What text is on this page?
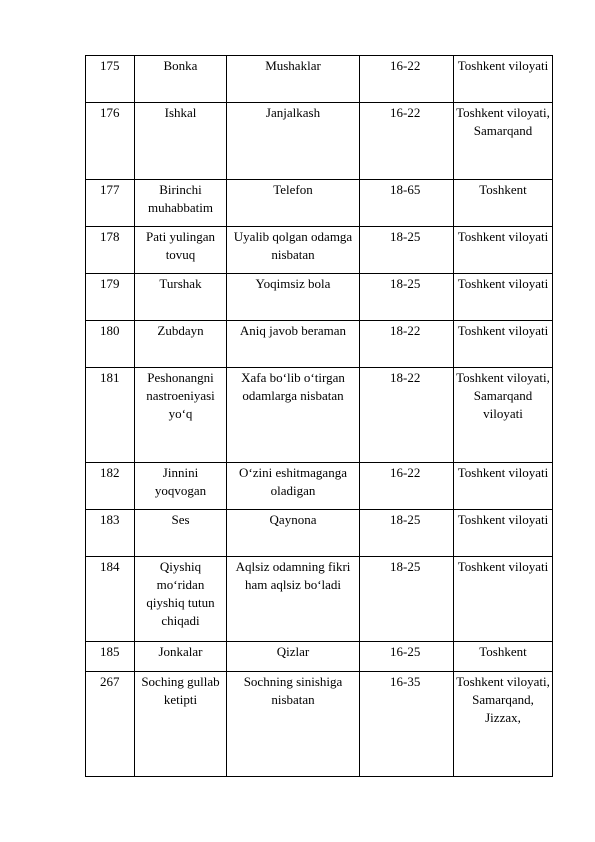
175	Bonka	Mushaklar	16-22	Toshkent viloyati

176	Ishkal	Janjalkash	16-22	Toshkent viloyati,
Samarqand

177	Birinchi muhabbatim	Telefon	18-65	Toshkent

178	Pati yulingan tovuq	Uyalib qolgan odamga nisbatan	18-25	Toshkent viloyati

179	Turshak	Yoqimsiz bola	18-25	Toshkent viloyati

180	Zubdayn	Aniq javob beraman	18-22	Toshkent viloyati

181	Peshonangni nastroeniyasi yo‘q	Xafa bo‘lib o‘tirgan odamlarga nisbatan	18-22	Toshkent viloyati,
Samarqand viloyati

182	Jinnini yoqvogan	O‘zini eshitmaganga oladigan	16-22	Toshkent viloyati

183	Ses	Qaynona	18-25	Toshkent viloyati

184	Qiyshiq mo‘ridan qiyshiq tutun chiqadi	Aqlsiz odamning fikri ham aqlsiz bo‘ladi	18-25	Toshkent viloyati

185	Jonkalar	Qizlar	16-25	Toshkent

267	Soching gullab ketipti	Sochning sinishiga nisbatan	16-35	Toshkent viloyati,
Samarqand,
Jizzax,
